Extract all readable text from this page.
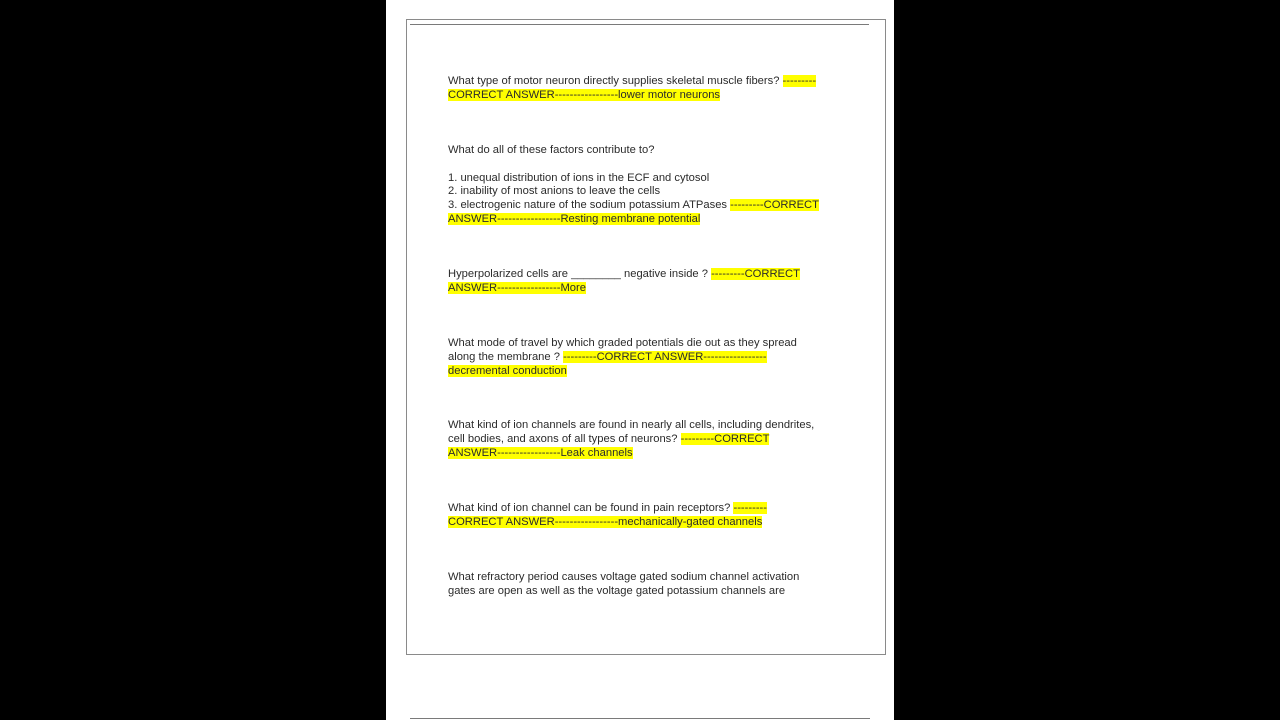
What type of motor neuron directly supplies skeletal muscle fibers? ---------
CORRECT ANSWER-----------------lower motor neurons
What do all of these factors contribute to?
1. unequal distribution of ions in the ECF and cytosol
2. inability of most anions to leave the cells
3. electrogenic nature of the sodium potassium ATPases ---------CORRECT
ANSWER-----------------Resting membrane potential
Hyperpolarized cells are ________ negative inside ? ---------CORRECT
ANSWER-----------------More
What mode of travel by which graded potentials die out as they spread
along the membrane ? ---------CORRECT ANSWER-----------------
decremental conduction
What kind of ion channels are found in nearly all cells, including dendrites,
cell bodies, and axons of all types of neurons? ---------CORRECT
ANSWER-----------------Leak channels
What kind of ion channel can be found in pain receptors? ---------
CORRECT ANSWER-----------------mechanically-gated channels
What refractory period causes voltage gated sodium channel activation
gates are open as well as the voltage gated potassium channels are
